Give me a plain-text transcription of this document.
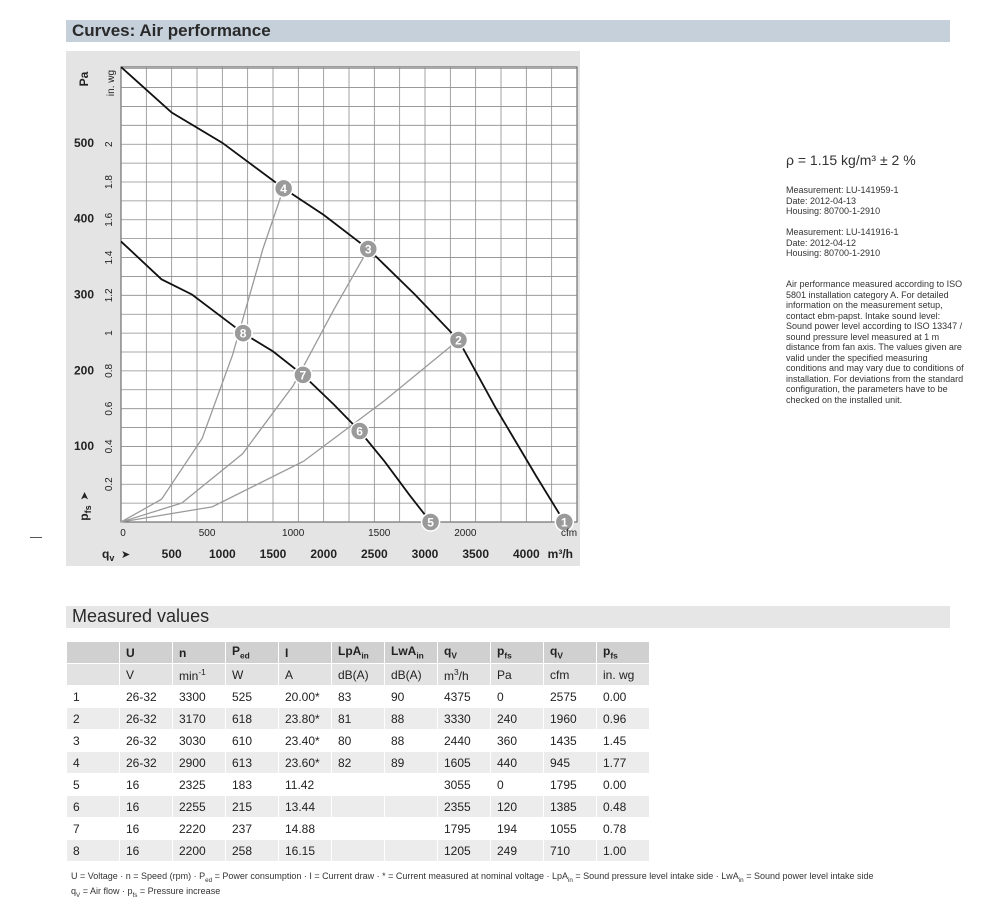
Curves: Air performance
1
2
3
4
5
6
7
8
100
200
300
400
500
0.2
0.4
0.6
0.8
1
1.2
1.4
1.6
1.8
2
Pa in. wg
$p_{fs}$
➤
0	500	1000	1500	2000	cfm
500 1000 1500 2000 2500 3000 3500 4000
$q_v$ ➤	m³/h
ρ = 1.15 kg/m³ ± 2 %
Measurement: LU-141959-1
Date: 2012-04-13
Housing: 80700-1-2910
Measurement: LU-141916-1
Date: 2012-04-12
Housing: 80700-1-2910
Air performance measured according to ISO
5801 installation category A. For detailed
information on the measurement setup,
contact ebm-papst. Intake sound level:
Sound power level according to ISO 13347 /
sound pressure level measured at 1 m
distance from fan axis. The values given are
valid under the specified measuring
conditions and may vary due to conditions of
installation. For deviations from the standard
configuration, the parameters have to be
checked on the installed unit.
Measured values
	U	n	$P_{ed}$	I	LpA$_{in}$	LwA$_{in}$	$q_V$	$p_{fs}$	$q_V$	$p_{fs}$
	V	$\min^{-1}$	W	A	dB(A)	dB(A)	$m^3/h$	Pa	cfm	in. wg
1	26-32	3300	525	20.00*	83	90	4375	0	2575	0.00
2	26-32	3170	618	23.80*	81	88	3330	240	1960	0.96
3	26-32	3030	610	23.40*	80	88	2440	360	1435	1.45
4	26-32	2900	613	23.60*	82	89	1605	440	945	1.77
5	16	2325	183	11.42			3055	0	1795	0.00
6	16	2255	215	13.44			2355	120	1385	0.48
7	16	2220	237	14.88			1795	194	1055	0.78
8	16	2200	258	16.15			1205	249	710	1.00
U = Voltage · n = Speed $(rpm) \cdot P_{ed}$ = Power consumption · I = Current draw · * = Current measured at nominal voltage · LpA$_{in}$ = Sound pressure level intake side · LwA$_{in}$ = Sound power level intake side
$q_V$ = Air flow · $p_{fs}$ = Pressure increase
